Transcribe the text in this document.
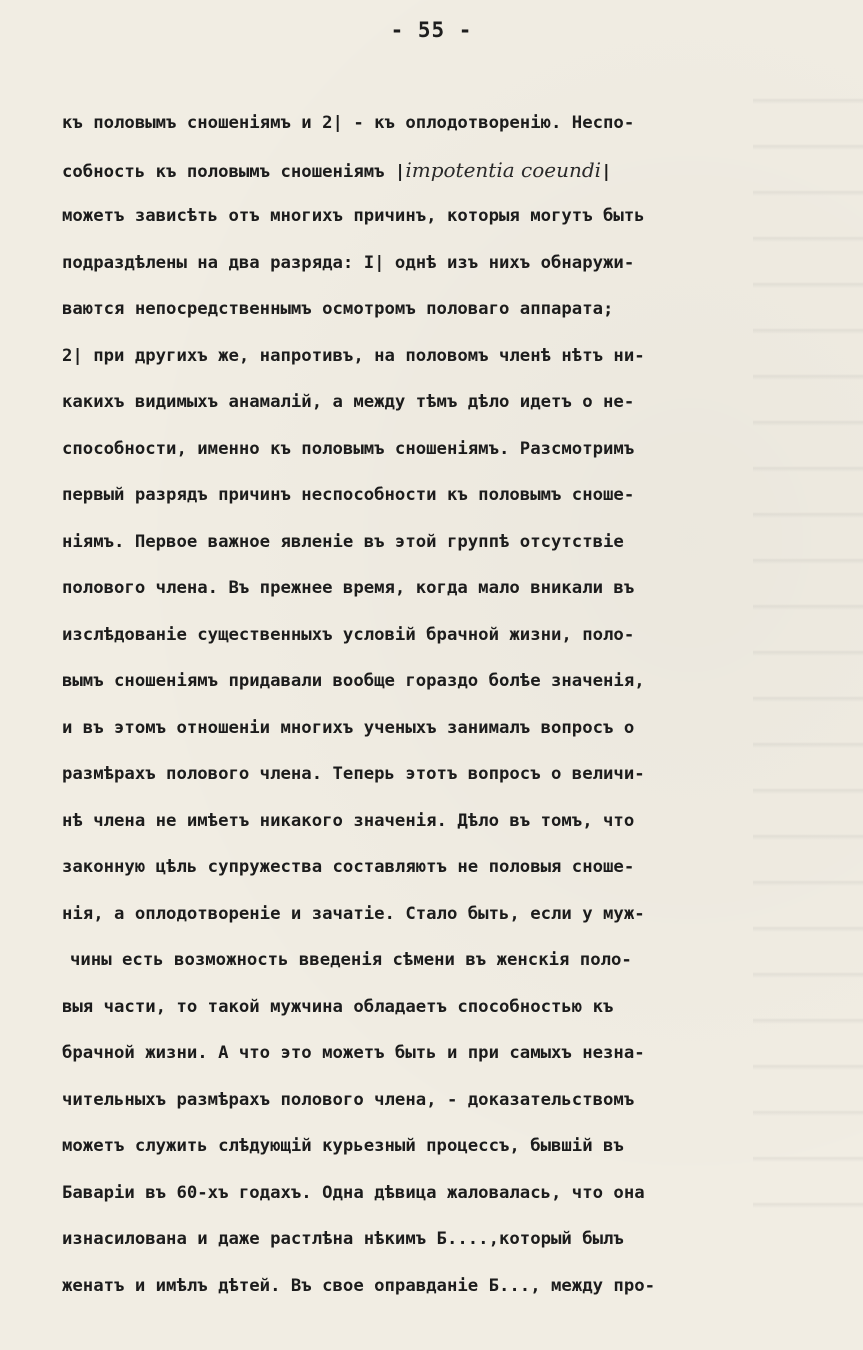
- 55 -
къ половымъ сношенiямъ и 2| - къ оплодотворенiю. Неспо-
собность къ половымъ сношенiямъ |impotentia coeundi|
можетъ зависѣть отъ многихъ причинъ, которыя могутъ быть
подраздѣлены на два разряда: I| однѣ изъ нихъ обнаружи-
ваются непосредственнымъ осмотромъ половаго аппарата;
2| при другихъ же, напротивъ, на половомъ членѣ нѣтъ ни-
какихъ видимыхъ анамалiй, а между тѣмъ дѣло идетъ о не-
способности, именно къ половымъ сношенiямъ. Разсмотримъ
первый разрядъ причинъ неспособности къ половымъ сноше-
нiямъ. Первое важное явленiе въ этой группѣ отсутствiе
полового члена. Въ прежнее время, когда мало вникали въ
изслѣдованiе существенныхъ условiй брачной жизни, поло-
вымъ сношенiямъ придавали вообще гораздо болѣе значенiя,
и въ этомъ отношенiи многихъ ученыхъ занималъ вопросъ о
размѣрахъ полового члена. Теперь этотъ вопросъ о величи-
нѣ члена не имѣетъ никакого значенiя. Дѣло въ томъ, что
законную цѣль супружества составляютъ не половыя сноше-
нiя, а оплодотворенiе и зачатiе. Стало быть, если у муж-
чины есть возможность введенiя сѣмени въ женскiя поло-
выя части, то такой мужчина обладаетъ способностью къ
брачной жизни. А что это можетъ быть и при самыхъ незна-
чительныхъ размѣрахъ полового члена, - доказательствомъ
можетъ служить слѣдующiй курьезный процессъ, бывшiй въ
Баварiи въ 60-хъ годахъ. Одна дѣвица жаловалась, что она
изнасилована и даже растлѣна нѣкимъ Б....,который былъ
женатъ и имѣлъ дѣтей. Въ свое оправданiе Б..., между про-
